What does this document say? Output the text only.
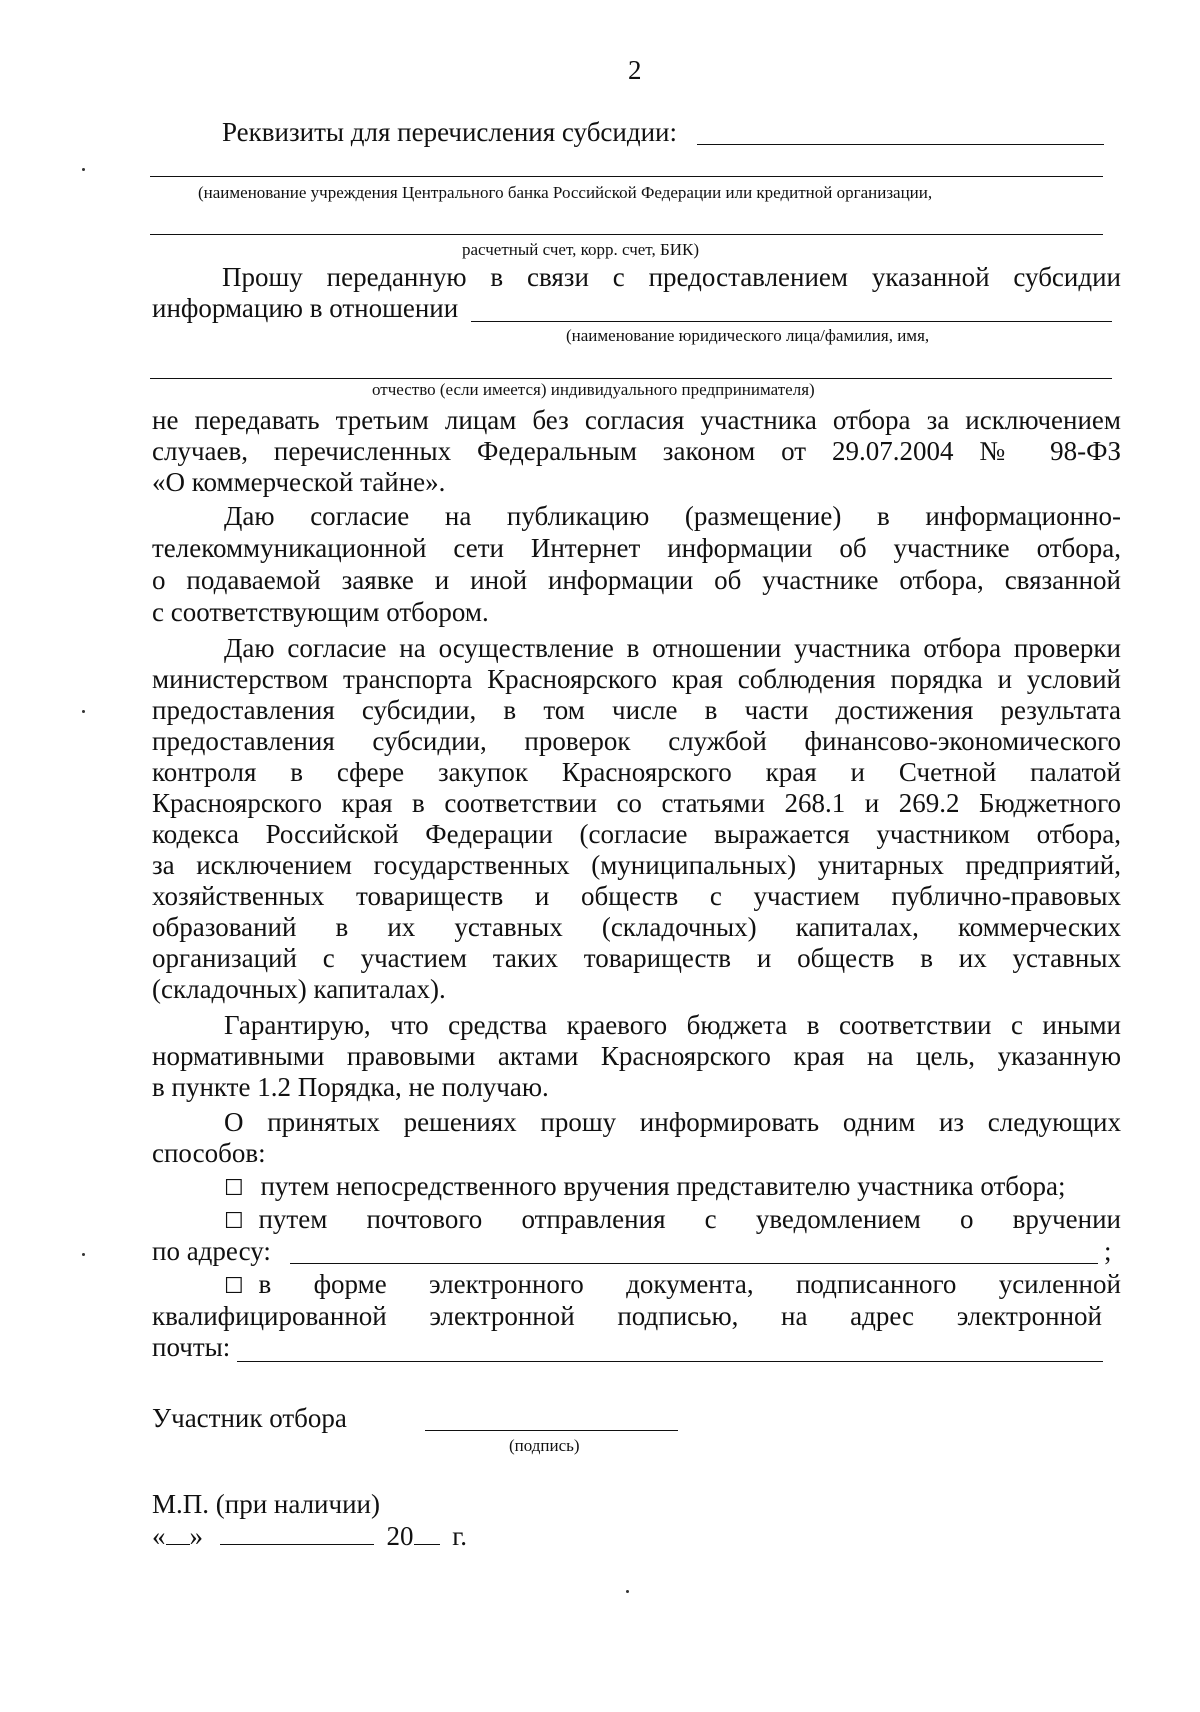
2
Реквизиты для перечисления субсидии:
(наименование учреждения Центрального банка Российской Федерации или кредитной организации,
расчетный счет, корр. счет, БИК)
Прошу переданную в связи с предоставлением указанной субсидии
информацию в отношении
(наименование юридического лица/фамилия, имя,
отчество (если имеется) индивидуального предпринимателя)
не передавать третьим лицам без согласия участника отбора за исключением
случаев, перечисленных Федеральным законом от 29.07.2004 № 98-ФЗ
«О коммерческой тайне».
Даю согласие на публикацию (размещение) в информационно-
телекоммуникационной сети Интернет информации об участнике отбора,
о подаваемой заявке и иной информации об участнике отбора, связанной
с соответствующим отбором.
Даю согласие на осуществление в отношении участника отбора проверки
министерством транспорта Красноярского края соблюдения порядка и условий
предоставления субсидии, в том числе в части достижения результата
предоставления субсидии, проверок службой финансово-экономического
контроля в сфере закупок Красноярского края и Счетной палатой
Красноярского края в соответствии со статьями 268.1 и 269.2 Бюджетного
кодекса Российской Федерации (согласие выражается участником отбора,
за исключением государственных (муниципальных) унитарных предприятий,
хозяйственных товариществ и обществ с участием публично-правовых
образований в их уставных (складочных) капиталах, коммерческих
организаций с участием таких товариществ и обществ в их уставных
(складочных) капиталах).
Гарантирую, что средства краевого бюджета в соответствии с иными
нормативными правовыми актами Красноярского края на цель, указанную
в пункте 1.2 Порядка, не получаю.
О принятых решениях прошу информировать одним из следующих
способов:
☐ путем непосредственного вручения представителю участника отбора;
☐ путем почтового отправления с уведомлением о вручении
по адресу:	;
☐ в форме электронного документа, подписанного усиленной
квалифицированной электронной подписью, на адрес электронной
почты:
Участник отбора
(подпись)
М.П. (при наличии)
« »	20 г.
